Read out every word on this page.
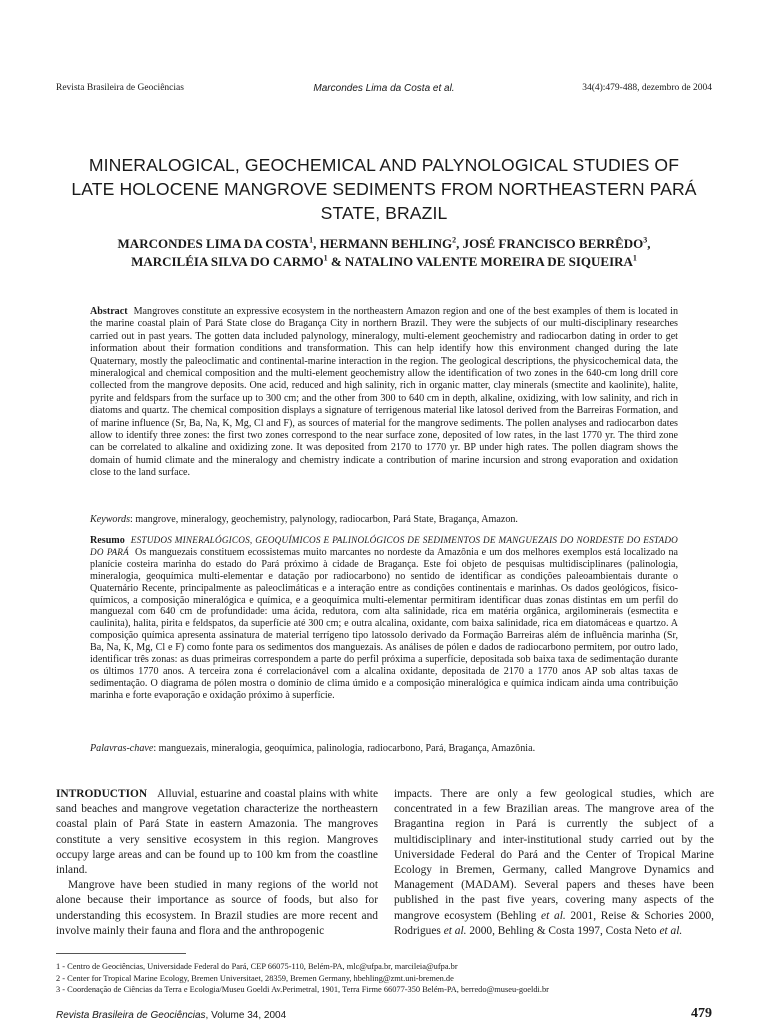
Revista Brasileira de Geociências	Marcondes Lima da Costa et al.	34(4):479-488, dezembro de 2004
MINERALOGICAL, GEOCHEMICAL AND PALYNOLOGICAL STUDIES OF
LATE HOLOCENE MANGROVE SEDIMENTS FROM NORTHEASTERN PARÁ
STATE, BRAZIL
MARCONDES LIMA DA COSTA$^1$, HERMANN BEHLING$^2$, JOSÉ FRANCISCO BERRÊDO$^3$,
MARCILÉIA SILVA DO CARMO$^1$ & NATALINO VALENTE MOREIRA DE SIQUEIRA$^1$
Abstract Mangroves constitute an expressive ecosystem in the northeastern Amazon region and one of the best examples of them is located in the marine coastal plain of Pará State close do Bragança City in northern Brazil. They were the subjects of our multi-disciplinary researches carried out in past years. The gotten data included palynology, mineralogy, multi-element geochemistry and radiocarbon dating in order to get information about their formation conditions and transformation. This can help identify how this environment changed during the late Quaternary, mostly the paleoclimatic and continental-marine interaction in the region. The geological descriptions, the physicochemical data, the mineralogical and chemical composition and the multi-element geochemistry allow the identification of two zones in the 640-cm long drill core collected from the mangrove deposits. One acid, reduced and high salinity, rich in organic matter, clay minerals (smectite and kaolinite), halite, pyrite and feldspars from the surface up to 300 cm; and the other from 300 to 640 cm in depth, alkaline, oxidizing, with low salinity, and rich in diatoms and quartz. The chemical composition displays a signature of terrigenous material like latosol derived from the Barreiras Formation, and of marine influence (Sr, Ba, Na, K, Mg, Cl and F), as sources of material for the mangrove sediments. The pollen analyses and radiocarbon dates allow to identify three zones: the first two zones correspond to the near surface zone, deposited of low rates, in the last 1770 yr. The third zone can be correlated to alkaline and oxidizing zone. It was deposited from 2170 to 1770 yr. BP under high rates. The pollen diagram shows the domain of humid climate and the mineralogy and chemistry indicate a contribution of marine incursion and strong evaporation and oxidation close to the land surface.
Keywords: mangrove, mineralogy, geochemistry, palynology, radiocarbon, Pará State, Bragança, Amazon.
Resumo ESTUDOS MINERALÓGICOS, GEOQUÍMICOS E PALINOLÓGICOS DE SEDIMENTOS DE MANGUEZAIS DO NORDESTE DO ESTADO DO PARÁ Os manguezais constituem ecossistemas muito marcantes no nordeste da Amazônia e um dos melhores exemplos está localizado na planície costeira marinha do estado do Pará próximo à cidade de Bragança. Este foi objeto de pesquisas multidisciplinares (palinologia, mineralogia, geoquímica multi-elementar e datação por radiocarbono) no sentido de identificar as condições paleoambientais durante o Quaternário Recente, principalmente as paleoclimáticas e a interação entre as condições continentais e marinhas. Os dados geológicos, físico-químicos, a composição mineralógica e química, e a geoquímica multi-elementar permitiram identificar duas zonas distintas em um perfil do manguezal com 640 cm de profundidade: uma ácida, redutora, com alta salinidade, rica em matéria orgânica, argilominerais (esmectita e caulinita), halita, pirita e feldspatos, da superfície até 300 cm; e outra alcalina, oxidante, com baixa salinidade, rica em diatomáceas e quartzo. A composição química apresenta assinatura de material terrígeno tipo latossolo derivado da Formação Barreiras além de influência marinha (Sr, Ba, Na, K, Mg, Cl e F) como fonte para os sedimentos dos manguezais. As análises de pólen e dados de radiocarbono permitem, por outro lado, identificar três zonas: as duas primeiras correspondem a parte do perfil próxima a superfície, depositada sob baixa taxa de sedimentação durante os últimos 1770 anos. A terceira zona é correlacionável com a alcalina oxidante, depositada de 2170 a 1770 anos AP sob altas taxas de sedimentação. O diagrama de pólen mostra o domínio de clima úmido e a composição mineralógica e química indicam ainda uma contribuição marinha e forte evaporação e oxidação próximo à superfície.
Palavras-chave: manguezais, mineralogia, geoquímica, palinologia, radiocarbono, Pará, Bragança, Amazônia.

INTRODUCTION Alluvial, estuarine and coastal plains with white sand beaches and mangrove vegetation characterize the northeastern coastal plain of Pará State in eastern Amazonia. The mangroves constitute a very sensitive ecosystem in this region. Mangroves occupy large areas and can be found up to 100 km from the coastline inland.

Mangrove have been studied in many regions of the world not alone because their importance as source of foods, but also for understanding this ecosystem. In Brazil studies are more recent and involve mainly their fauna and flora and the anthropogenic

impacts. There are only a few geological studies, which are concentrated in a few Brazilian areas. The mangrove area of the Bragantina region in Pará is currently the subject of a multidisciplinary and inter-institutional study carried out by the Universidade Federal do Pará and the Center of Tropical Marine Ecology in Bremen, Germany, called Mangrove Dynamics and Management (MADAM). Several papers and theses have been published in the past five years, covering many aspects of the mangrove ecosystem (Behling et al. 2001, Reise & Schories 2000, Rodrigues et al. 2000, Behling & Costa 1997, Costa Neto et al.

1 - Centro de Geociências, Universidade Federal do Pará, CEP 66075-110, Belém-PA, mlc@ufpa.br, marcileia@ufpa.br
2 - Center for Tropical Marine Ecology, Bremen Universitaet, 28359, Bremen Germany, hbehling@zmt.uni-bremen.de
3 - Coordenação de Ciências da Terra e Ecologia/Museu Goeldi Av.Perimetral, 1901, Terra Firme 66077-350 Belém-PA, berredo@museu-goeldi.br
Revista Brasileira de Geociências, Volume 34, 2004	479
